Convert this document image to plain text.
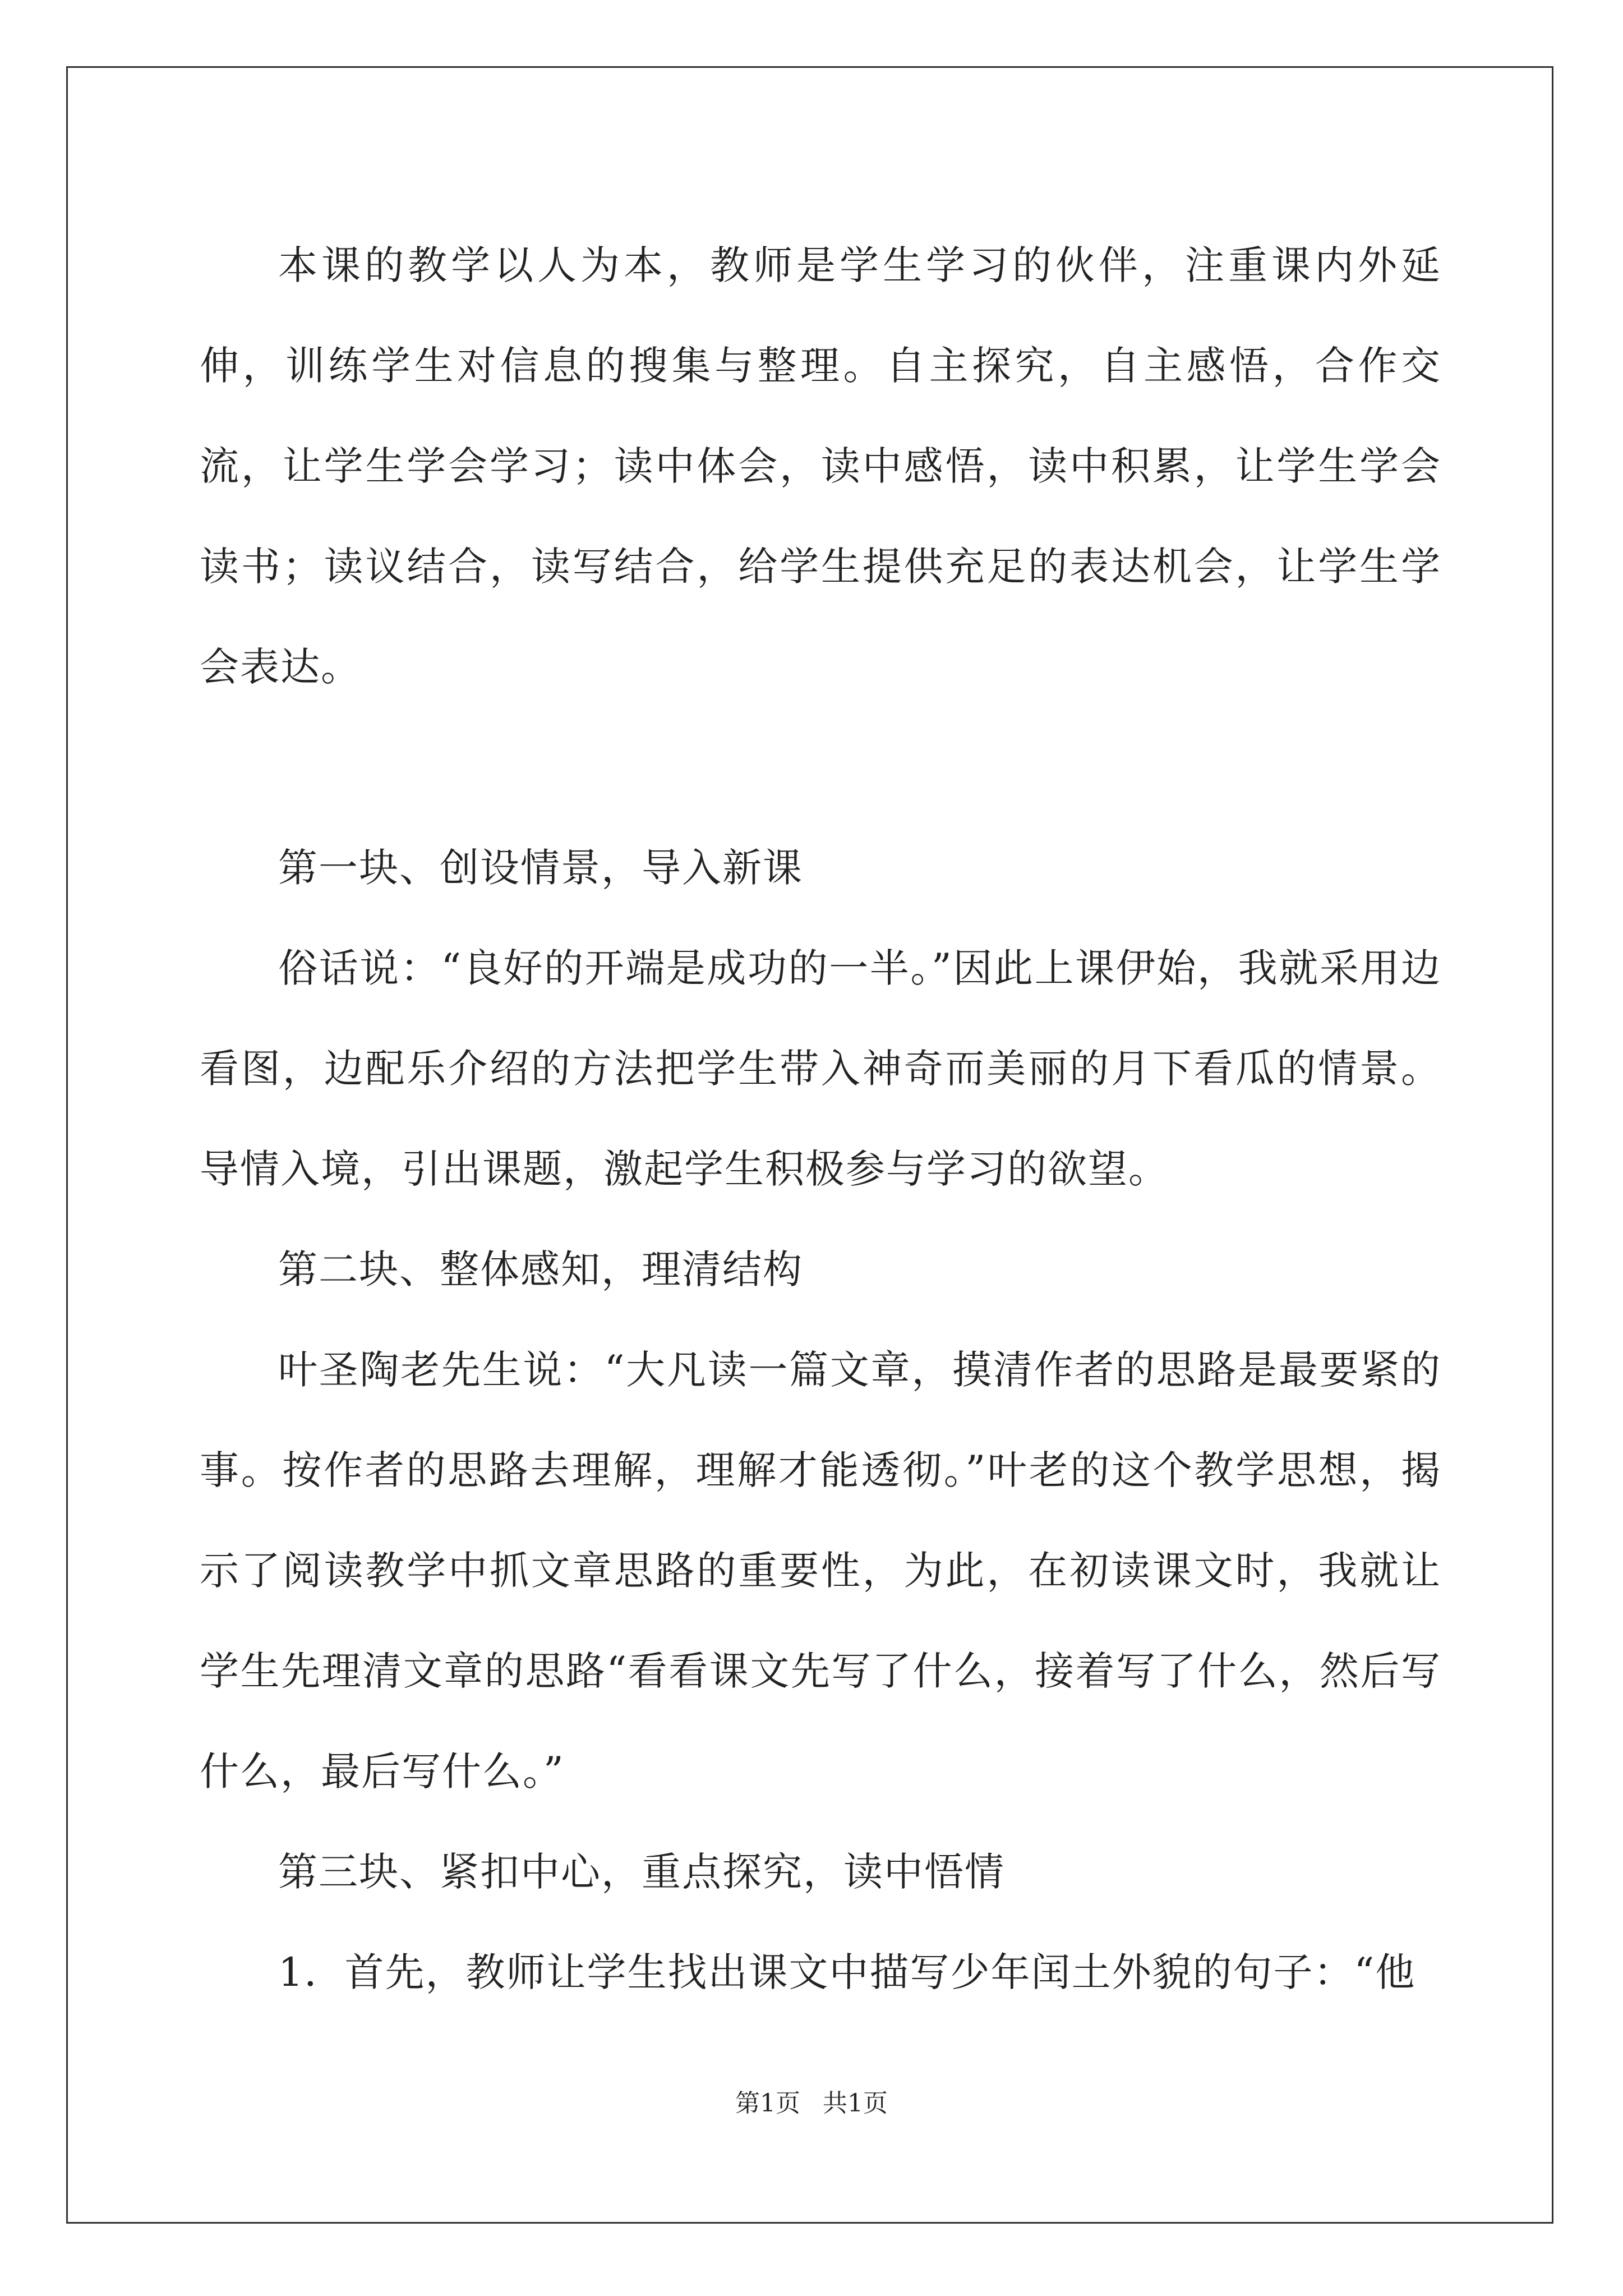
本课的教学以人为本，教师是学生学习的伙伴，注重课内外延伸，训练学生对信息的搜集与整理。自主探究，自主感悟，合作交流，让学生学会学习；读中体会，读中感悟，读中积累，让学生学会读书；读议结合，读写结合，给学生提供充足的表达机会，让学生学会表达。

第一块、创设情景，导入新课

俗话说：“良好的开端是成功的一半。”因此上课伊始，我就采用边看图，边配乐介绍的方法把学生带入神奇而美丽的月下看瓜的情景。导情入境，引出课题，激起学生积极参与学习的欲望。

第二块、整体感知，理清结构

叶圣陶老先生说：“大凡读一篇文章，摸清作者的思路是最要紧的事。按作者的思路去理解，理解才能透彻。”叶老的这个教学思想，揭示了阅读教学中抓文章思路的重要性，为此，在初读课文时，我就让学生先理清文章的思路“看看课文先写了什么，接着写了什么，然后写什么，最后写什么。”

第三块、紧扣中心，重点探究，读中悟情

1．首先，教师让学生找出课文中描写少年闰土外貌的句子：“他

第1页 共1页
